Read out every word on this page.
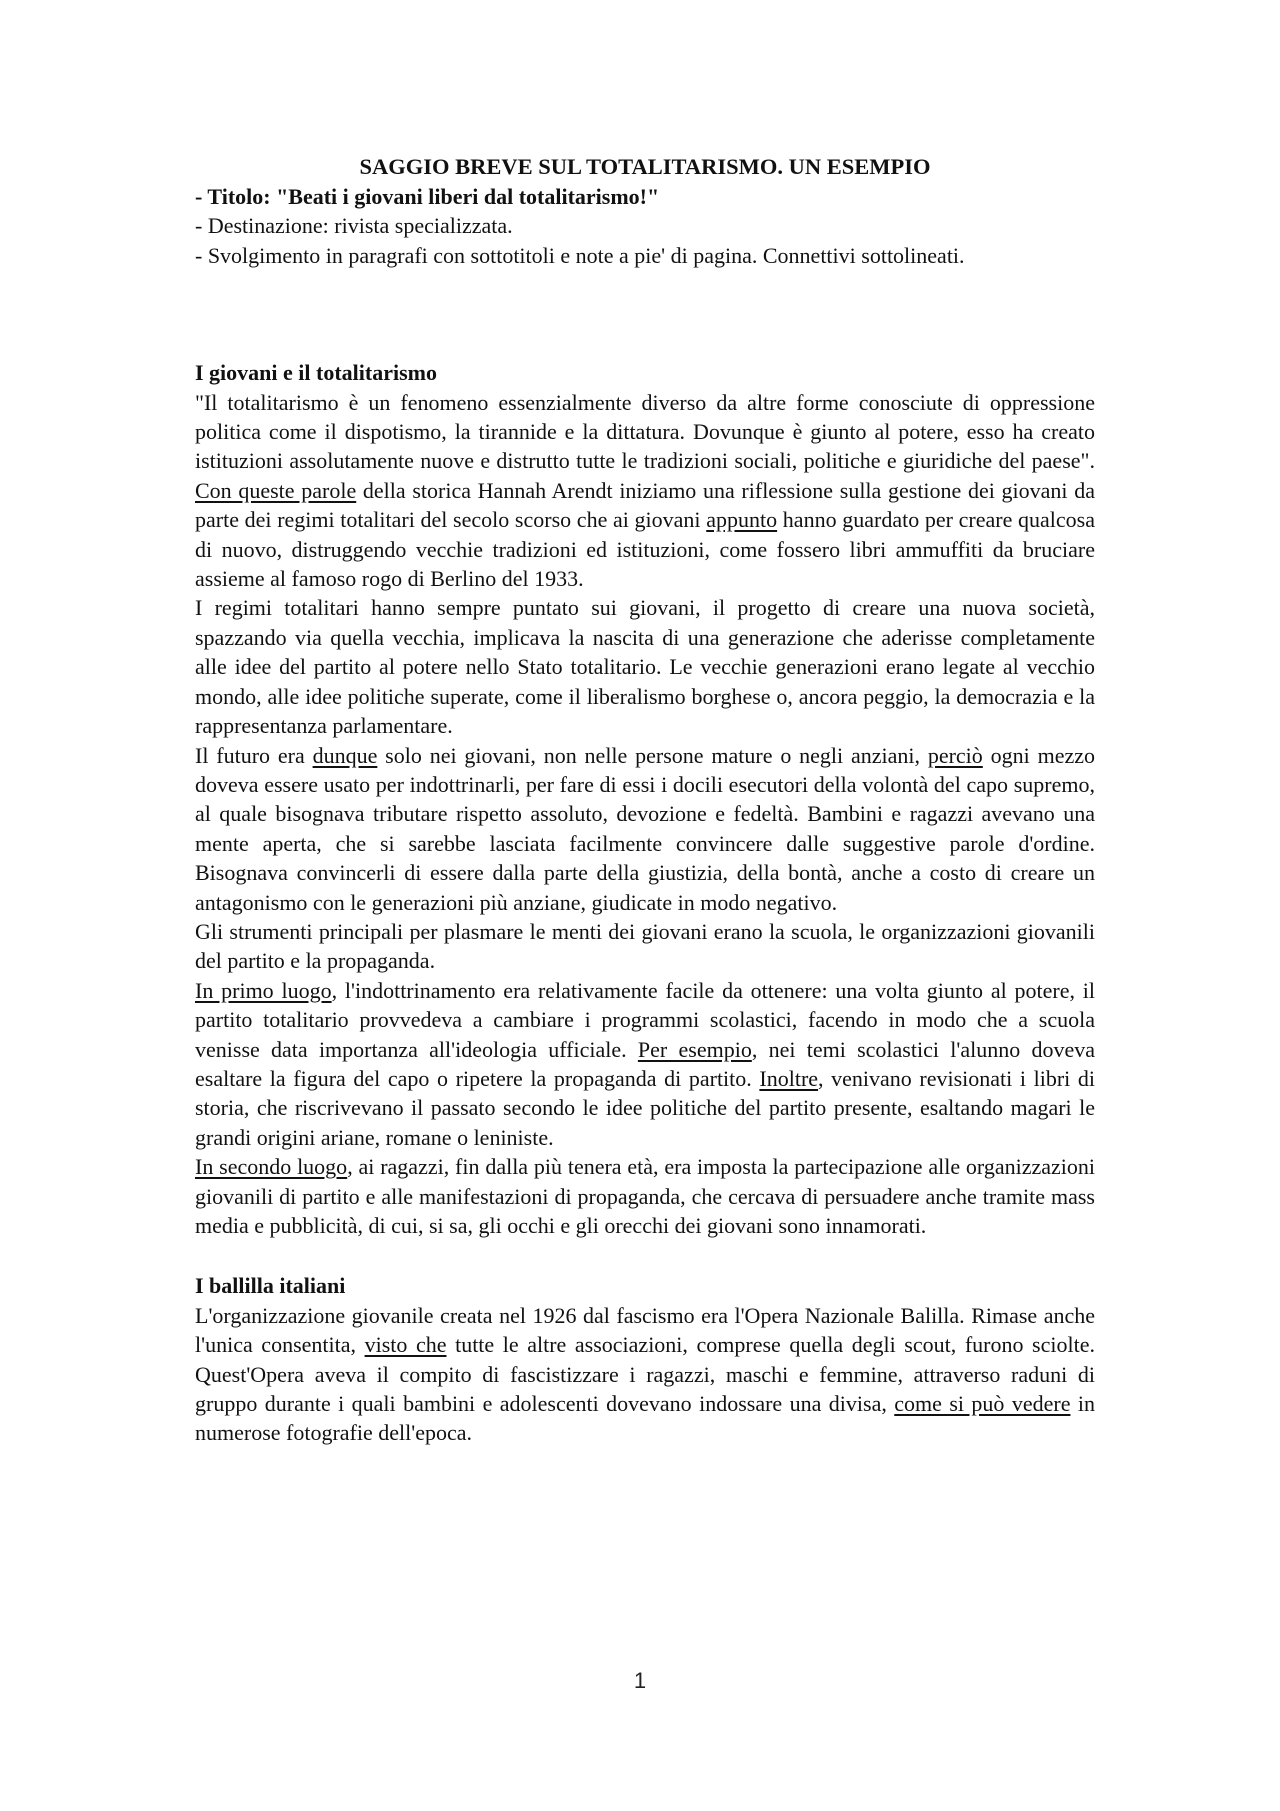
SAGGIO BREVE SUL TOTALITARISMO. UN ESEMPIO

- Titolo: "Beati i giovani liberi dal totalitarismo!"

- Destinazione: rivista specializzata.

- Svolgimento in paragrafi con sottotitoli e note a pie' di pagina. Connettivi sottolineati.

I giovani e il totalitarismo

"Il totalitarismo è un fenomeno essenzialmente diverso da altre forme conosciute di oppressione politica come il dispotismo, la tirannide e la dittatura. Dovunque è giunto al potere, esso ha creato istituzioni assolutamente nuove e distrutto tutte le tradizioni sociali, politiche e giuridiche del paese". Con queste parole della storica Hannah Arendt iniziamo una riflessione sulla gestione dei giovani da parte dei regimi totalitari del secolo scorso che ai giovani appunto hanno guardato per creare qualcosa di nuovo, distruggendo vecchie tradizioni ed istituzioni, come fossero libri ammuffiti da bruciare assieme al famoso rogo di Berlino del 1933.

I regimi totalitari hanno sempre puntato sui giovani, il progetto di creare una nuova società, spazzando via quella vecchia, implicava la nascita di una generazione che aderisse completamente alle idee del partito al potere nello Stato totalitario. Le vecchie generazioni erano legate al vecchio mondo, alle idee politiche superate, come il liberalismo borghese o, ancora peggio, la democrazia e la rappresentanza parlamentare.

Il futuro era dunque solo nei giovani, non nelle persone mature o negli anziani, perciò ogni mezzo doveva essere usato per indottrinarli, per fare di essi i docili esecutori della volontà del capo supremo, al quale bisognava tributare rispetto assoluto, devozione e fedeltà. Bambini e ragazzi avevano una mente aperta, che si sarebbe lasciata facilmente convincere dalle suggestive parole d'ordine. Bisognava convincerli di essere dalla parte della giustizia, della bontà, anche a costo di creare un antagonismo con le generazioni più anziane, giudicate in modo negativo.

Gli strumenti principali per plasmare le menti dei giovani erano la scuola, le organizzazioni giovanili del partito e la propaganda.

In primo luogo, l'indottrinamento era relativamente facile da ottenere: una volta giunto al potere, il partito totalitario provvedeva a cambiare i programmi scolastici, facendo in modo che a scuola venisse data importanza all'ideologia ufficiale. Per esempio, nei temi scolastici l'alunno doveva esaltare la figura del capo o ripetere la propaganda di partito. Inoltre, venivano revisionati i libri di storia, che riscrivevano il passato secondo le idee politiche del partito presente, esaltando magari le grandi origini ariane, romane o leniniste.

In secondo luogo, ai ragazzi, fin dalla più tenera età, era imposta la partecipazione alle organizzazioni giovanili di partito e alle manifestazioni di propaganda, che cercava di persuadere anche tramite mass media e pubblicità, di cui, si sa, gli occhi e gli orecchi dei giovani sono innamorati.

I ballilla italiani

L'organizzazione giovanile creata nel 1926 dal fascismo era l'Opera Nazionale Balilla. Rimase anche l'unica consentita, visto che tutte le altre associazioni, comprese quella degli scout, furono sciolte. Quest'Opera aveva il compito di fascistizzare i ragazzi, maschi e femmine, attraverso raduni di gruppo durante i quali bambini e adolescenti dovevano indossare una divisa, come si può vedere in numerose fotografie dell'epoca.

1
